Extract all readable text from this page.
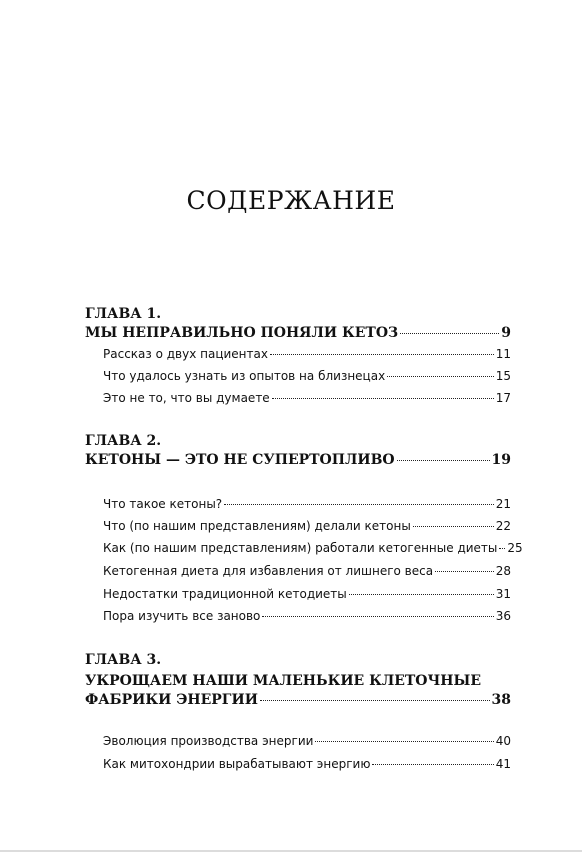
СОДЕРЖАНИЕ
ГЛАВА 1.
МЫ НЕПРАВИЛЬНО ПОНЯЛИ КЕТОЗ	9
Рассказ о двух пациентах	11
Что удалось узнать из опытов на близнецах	15
Это не то, что вы думаете	17
ГЛАВА 2.
КЕТОНЫ — ЭТО НЕ СУПЕРТОПЛИВО	19
Что такое кетоны?	21
Что (по нашим представлениям) делали кетоны	22
Как (по нашим представлениям) работали кетогенные диеты 25
Кетогенная диета для избавления от лишнего веса	28
Недостатки традиционной кетодиеты	31
Пора изучить все заново	36
ГЛАВА 3.
УКРОЩАЕМ НАШИ МАЛЕНЬКИЕ КЛЕТОЧНЫЕ
ФАБРИКИ ЭНЕРГИИ	38
Эволюция производства энергии	40
Как митохондрии вырабатывают энергию	41
